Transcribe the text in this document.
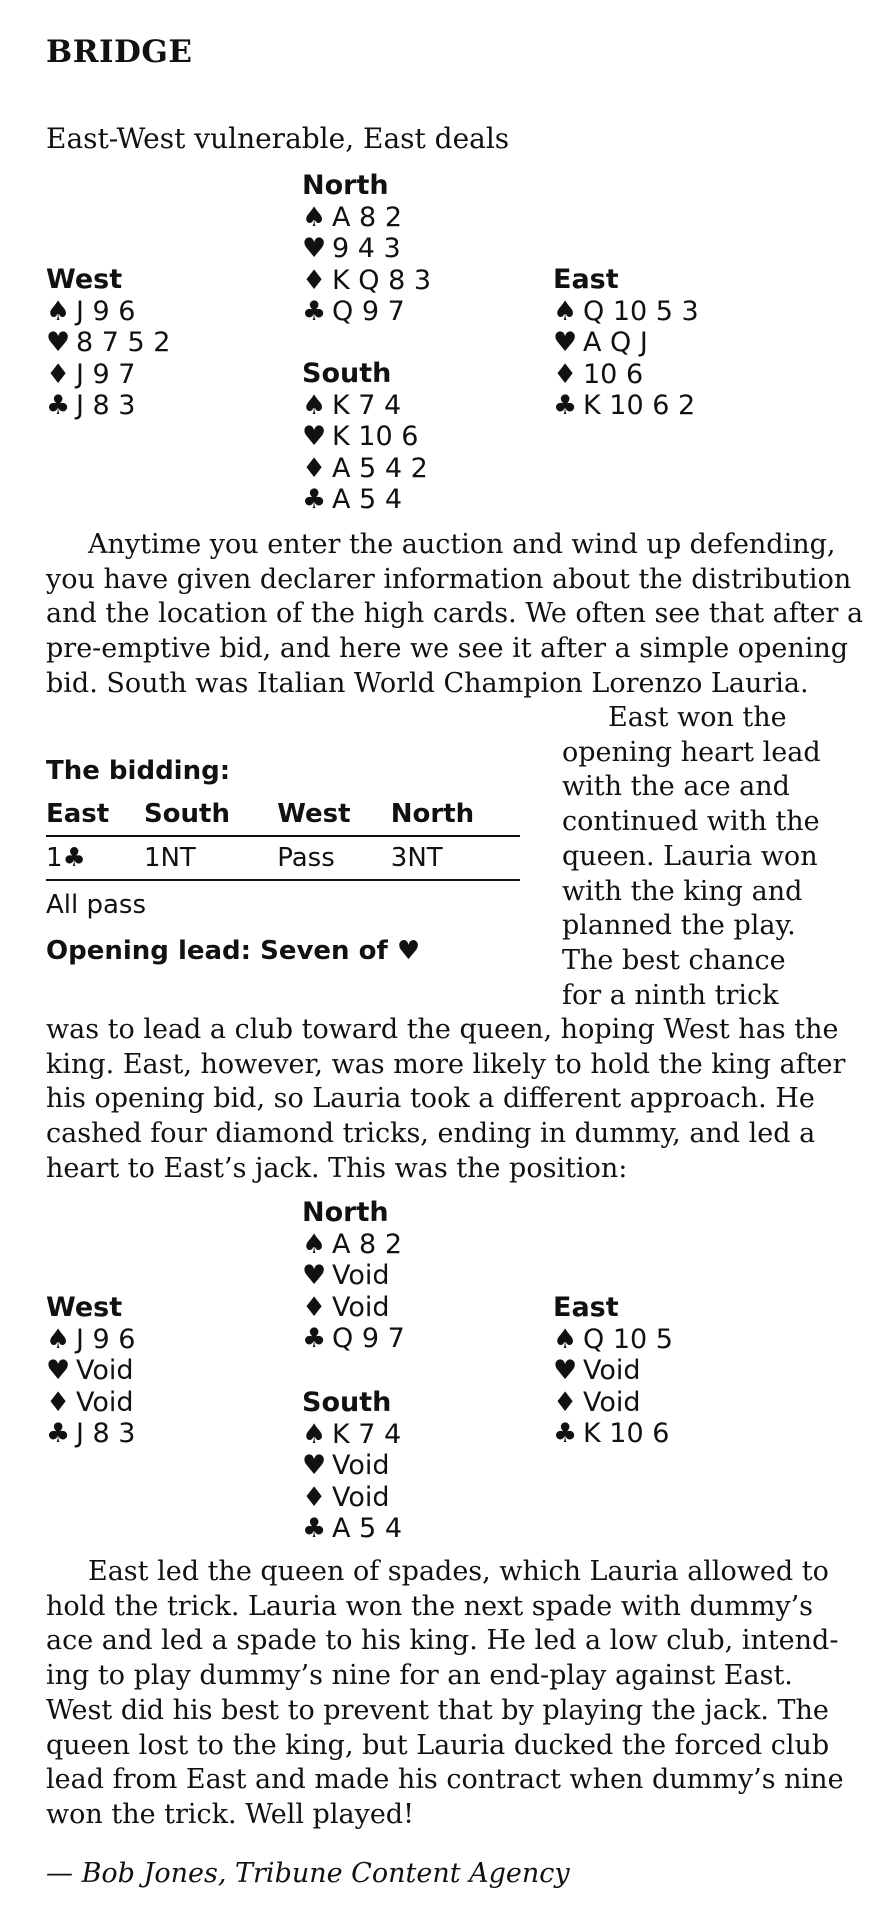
BRIDGE
East-West vulnerable, East deals
North
♠ A 8 2
♥ 9 4 3
♦ K Q 8 3
♣ Q 9 7
West
♠ J 9 6
♥ 8 7 5 2
♦ J 9 7
♣ J 8 3
East
♠ Q 10 5 3
♥ A Q J
♦ 10 6
♣ K 10 6 2
South
♠ K 7 4
♥ K 10 6
♦ A 5 4 2
♣ A 5 4
Anytime you enter the auction and wind up defending,
you have given declarer information about the distribution
and the location of the high cards. We often see that after a
pre-emptive bid, and here we see it after a simple opening
bid. South was Italian World Champion Lorenzo Lauria.
East won the
opening heart lead
with the ace and
continued with the
queen. Lauria won
with the king and
planned the play.
The best chance
for a ninth trick
The bidding:
East	South	West	North
1♣	1NT	Pass	3NT
All pass
Opening lead: Seven of ♥
was to lead a club toward the queen, hoping West has the
king. East, however, was more likely to hold the king after
his opening bid, so Lauria took a different approach. He
cashed four diamond tricks, ending in dummy, and led a
heart to East’s jack. This was the position:
North
♠ A 8 2
♥ Void
♦ Void
♣ Q 9 7
West
♠ J 9 6
♥ Void
♦ Void
♣ J 8 3
East
♠ Q 10 5
♥ Void
♦ Void
♣ K 10 6
South
♠ K 7 4
♥ Void
♦ Void
♣ A 5 4
East led the queen of spades, which Lauria allowed to
hold the trick. Lauria won the next spade with dummy’s
ace and led a spade to his king. He led a low club, intend-
ing to play dummy’s nine for an end-play against East.
West did his best to prevent that by playing the jack. The
queen lost to the king, but Lauria ducked the forced club
lead from East and made his contract when dummy’s nine
won the trick. Well played!
— Bob Jones, Tribune Content Agency
